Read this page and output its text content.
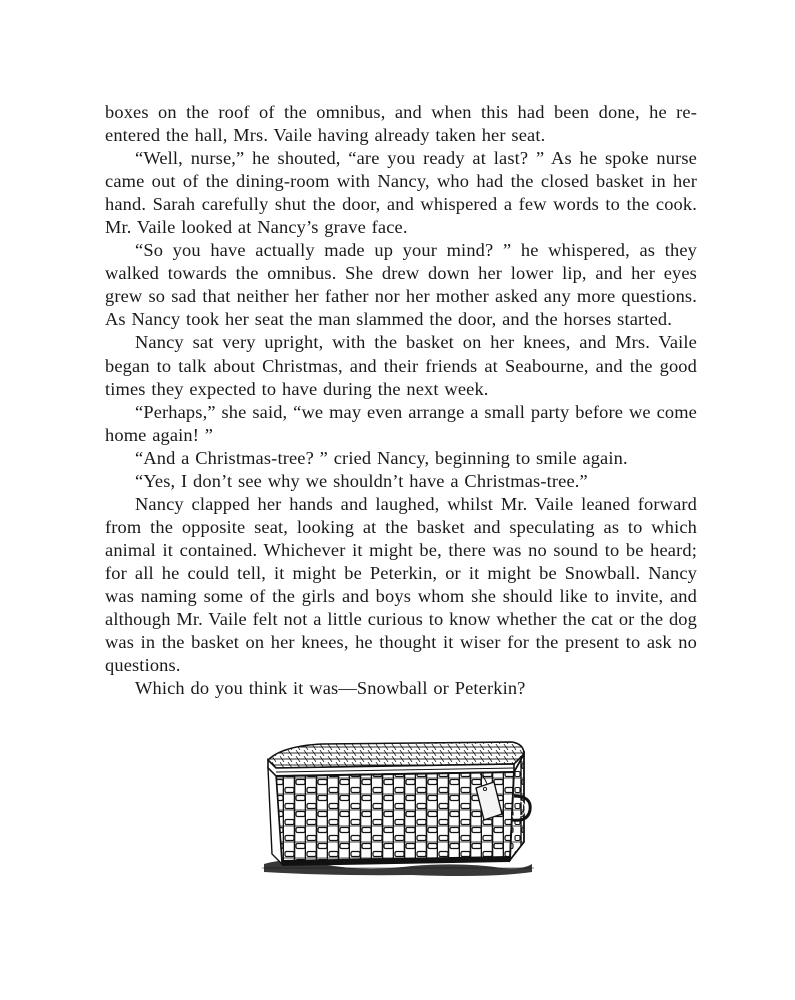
boxes on the roof of the omnibus, and when this had been done, he re-entered the hall, Mrs. Vaile having already taken her seat.

“Well, nurse,” he shouted, “are you ready at last? ” As he spoke nurse came out of the dining-room with Nancy, who had the closed basket in her hand. Sarah carefully shut the door, and whispered a few words to the cook. Mr. Vaile looked at Nancy’s grave face.

“So you have actually made up your mind? ” he whispered, as they walked towards the omnibus. She drew down her lower lip, and her eyes grew so sad that neither her father nor her mother asked any more questions. As Nancy took her seat the man slammed the door, and the horses started.

Nancy sat very upright, with the basket on her knees, and Mrs. Vaile began to talk about Christmas, and their friends at Seabourne, and the good times they expected to have during the next week.

“Perhaps,” she said, “we may even arrange a small party before we come home again! ”

“And a Christmas-tree? ” cried Nancy, beginning to smile again.

“Yes, I don’t see why we shouldn’t have a Christmas-tree.”

Nancy clapped her hands and laughed, whilst Mr. Vaile leaned forward from the opposite seat, looking at the basket and speculating as to which animal it contained. Whichever it might be, there was no sound to be heard; for all he could tell, it might be Peterkin, or it might be Snowball. Nancy was naming some of the girls and boys whom she should like to invite, and although Mr. Vaile felt not a little curious to know whether the cat or the dog was in the basket on her knees, he thought it wiser for the present to ask no questions.

Which do you think it was—Snowball or Peterkin?
